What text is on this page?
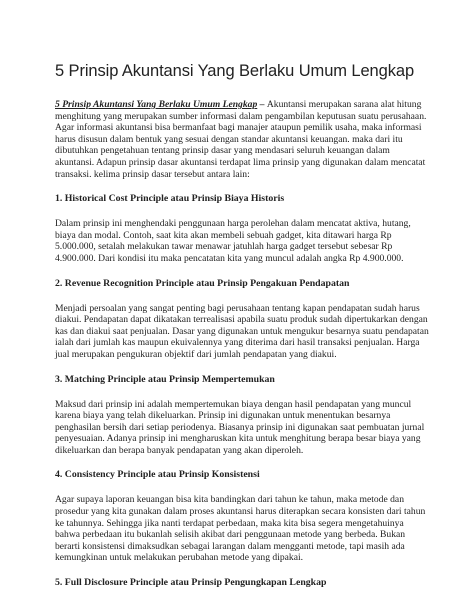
5 Prinsip Akuntansi Yang Berlaku Umum Lengkap

5 Prinsip Akuntansi Yang Berlaku Umum Lengkap – Akuntansi merupakan sarana alat hitung menghitung yang merupakan sumber informasi dalam pengambilan keputusan suatu perusahaan. Agar informasi akuntansi bisa bermanfaat bagi manajer ataupun pemilik usaha, maka informasi harus disusun dalam bentuk yang sesuai dengan standar akuntansi keuangan. maka dari itu dibutuhkan pengetahuan tentang prinsip dasar yang mendasari seluruh keuangan dalam akuntansi. Adapun prinsip dasar akuntansi terdapat lima prinsip yang digunakan dalam mencatat transaksi. kelima prinsip dasar tersebut antara lain:

1. Historical Cost Principle atau Prinsip Biaya Historis

Dalam prinsip ini menghendaki penggunaan harga perolehan dalam mencatat aktiva, hutang, biaya dan modal. Contoh, saat kita akan membeli sebuah gadget, kita ditawari harga Rp 5.000.000, setalah melakukan tawar menawar jatuhlah harga gadget tersebut sebesar Rp 4.900.000. Dari kondisi itu maka pencatatan kita yang muncul adalah angka Rp 4.900.000.

2. Revenue Recognition Principle atau Prinsip Pengakuan Pendapatan

Menjadi persoalan yang sangat penting bagi perusahaan tentang kapan pendapatan sudah harus diakui. Pendapatan dapat dikatakan terrealisasi apabila suatu produk sudah dipertukarkan dengan kas dan diakui saat penjualan. Dasar yang digunakan untuk mengukur besarnya suatu pendapatan ialah dari jumlah kas maupun ekuivalennya yang diterima dari hasil transaksi penjualan. Harga jual merupakan pengukuran objektif dari jumlah pendapatan yang diakui.

3. Matching Principle atau Prinsip Mempertemukan

Maksud dari prinsip ini adalah mempertemukan biaya dengan hasil pendapatan yang muncul karena biaya yang telah dikeluarkan. Prinsip ini digunakan untuk menentukan besarnya penghasilan bersih dari setiap periodenya. Biasanya prinsip ini digunakan saat pembuatan jurnal penyesuaian. Adanya prinsip ini mengharuskan kita untuk menghitung berapa besar biaya yang dikeluarkan dan berapa banyak pendapatan yang akan diperoleh.

4. Consistency Principle atau Prinsip Konsistensi

Agar supaya laporan keuangan bisa kita bandingkan dari tahun ke tahun, maka metode dan prosedur yang kita gunakan dalam proses akuntansi harus diterapkan secara konsisten dari tahun ke tahunnya. Sehingga jika nanti terdapat perbedaan, maka kita bisa segera mengetahuinya bahwa perbedaan itu bukanlah selisih akibat dari penggunaan metode yang berbeda. Bukan berarti konsistensi dimaksudkan sebagai larangan dalam mengganti metode, tapi masih ada kemungkinan untuk melakukan perubahan metode yang dipakai.

5. Full Disclosure Principle atau Prinsip Pengungkapan Lengkap
